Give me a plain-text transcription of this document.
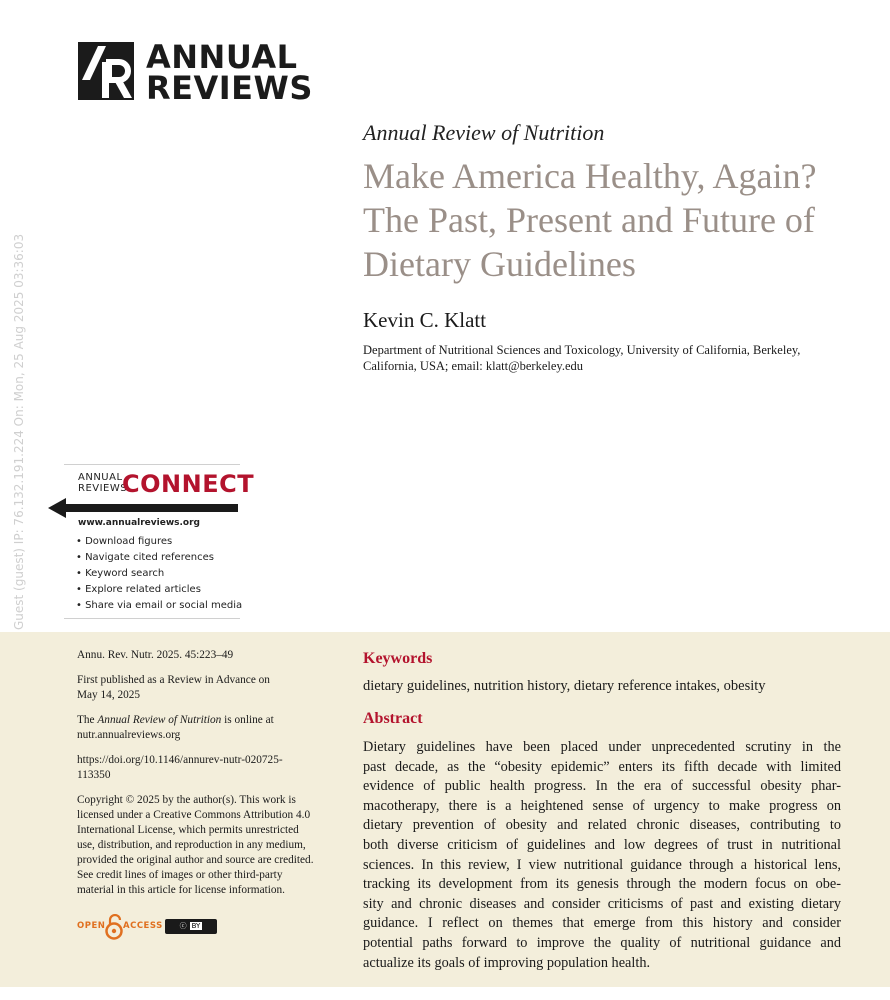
ANNUAL
REVIEWS
Guest (guest) IP: 76.132.191.224 On: Mon, 25 Aug 2025 03:36:03
Annual Review of Nutrition
Make America Healthy, Again?
The Past, Present and Future of
Dietary Guidelines
Kevin C. Klatt
Department of Nutritional Sciences and Toxicology, University of California, Berkeley,
California, USA; email: klatt@berkeley.edu
ANNUAL
REVIEWS
CONNECT
www.annualreviews.org
• Download figures
• Navigate cited references
• Keyword search
• Explore related articles
• Share via email or social media

Annu. Rev. Nutr. 2025. 45:223–49

First published as a Review in Advance on
May 14, 2025

The Annual Review of Nutrition is online at
nutr.annualreviews.org

https://doi.org/10.1146/annurev-nutr-020725-
113350

Copyright © 2025 by the author(s). This work is
licensed under a Creative Commons Attribution 4.0
International License, which permits unrestricted
use, distribution, and reproduction in any medium,
provided the original author and source are credited.
See credit lines of images or other third-party
material in this article for license information.

OPEN ACCESS	ⓒ BY
Keywords
dietary guidelines, nutrition history, dietary reference intakes, obesity
Abstract
Dietary guidelines have been placed under unprecedented scrutiny in the
past decade, as the “obesity epidemic” enters its fifth decade with limited
evidence of public health progress. In the era of successful obesity phar-
macotherapy, there is a heightened sense of urgency to make progress on
dietary prevention of obesity and related chronic diseases, contributing to
both diverse criticism of guidelines and low degrees of trust in nutritional
sciences. In this review, I view nutritional guidance through a historical lens,
tracking its development from its genesis through the modern focus on obe-
sity and chronic diseases and consider criticisms of past and existing dietary
guidance. I reflect on themes that emerge from this history and consider
potential paths forward to improve the quality of nutritional guidance and
actualize its goals of improving population health.
